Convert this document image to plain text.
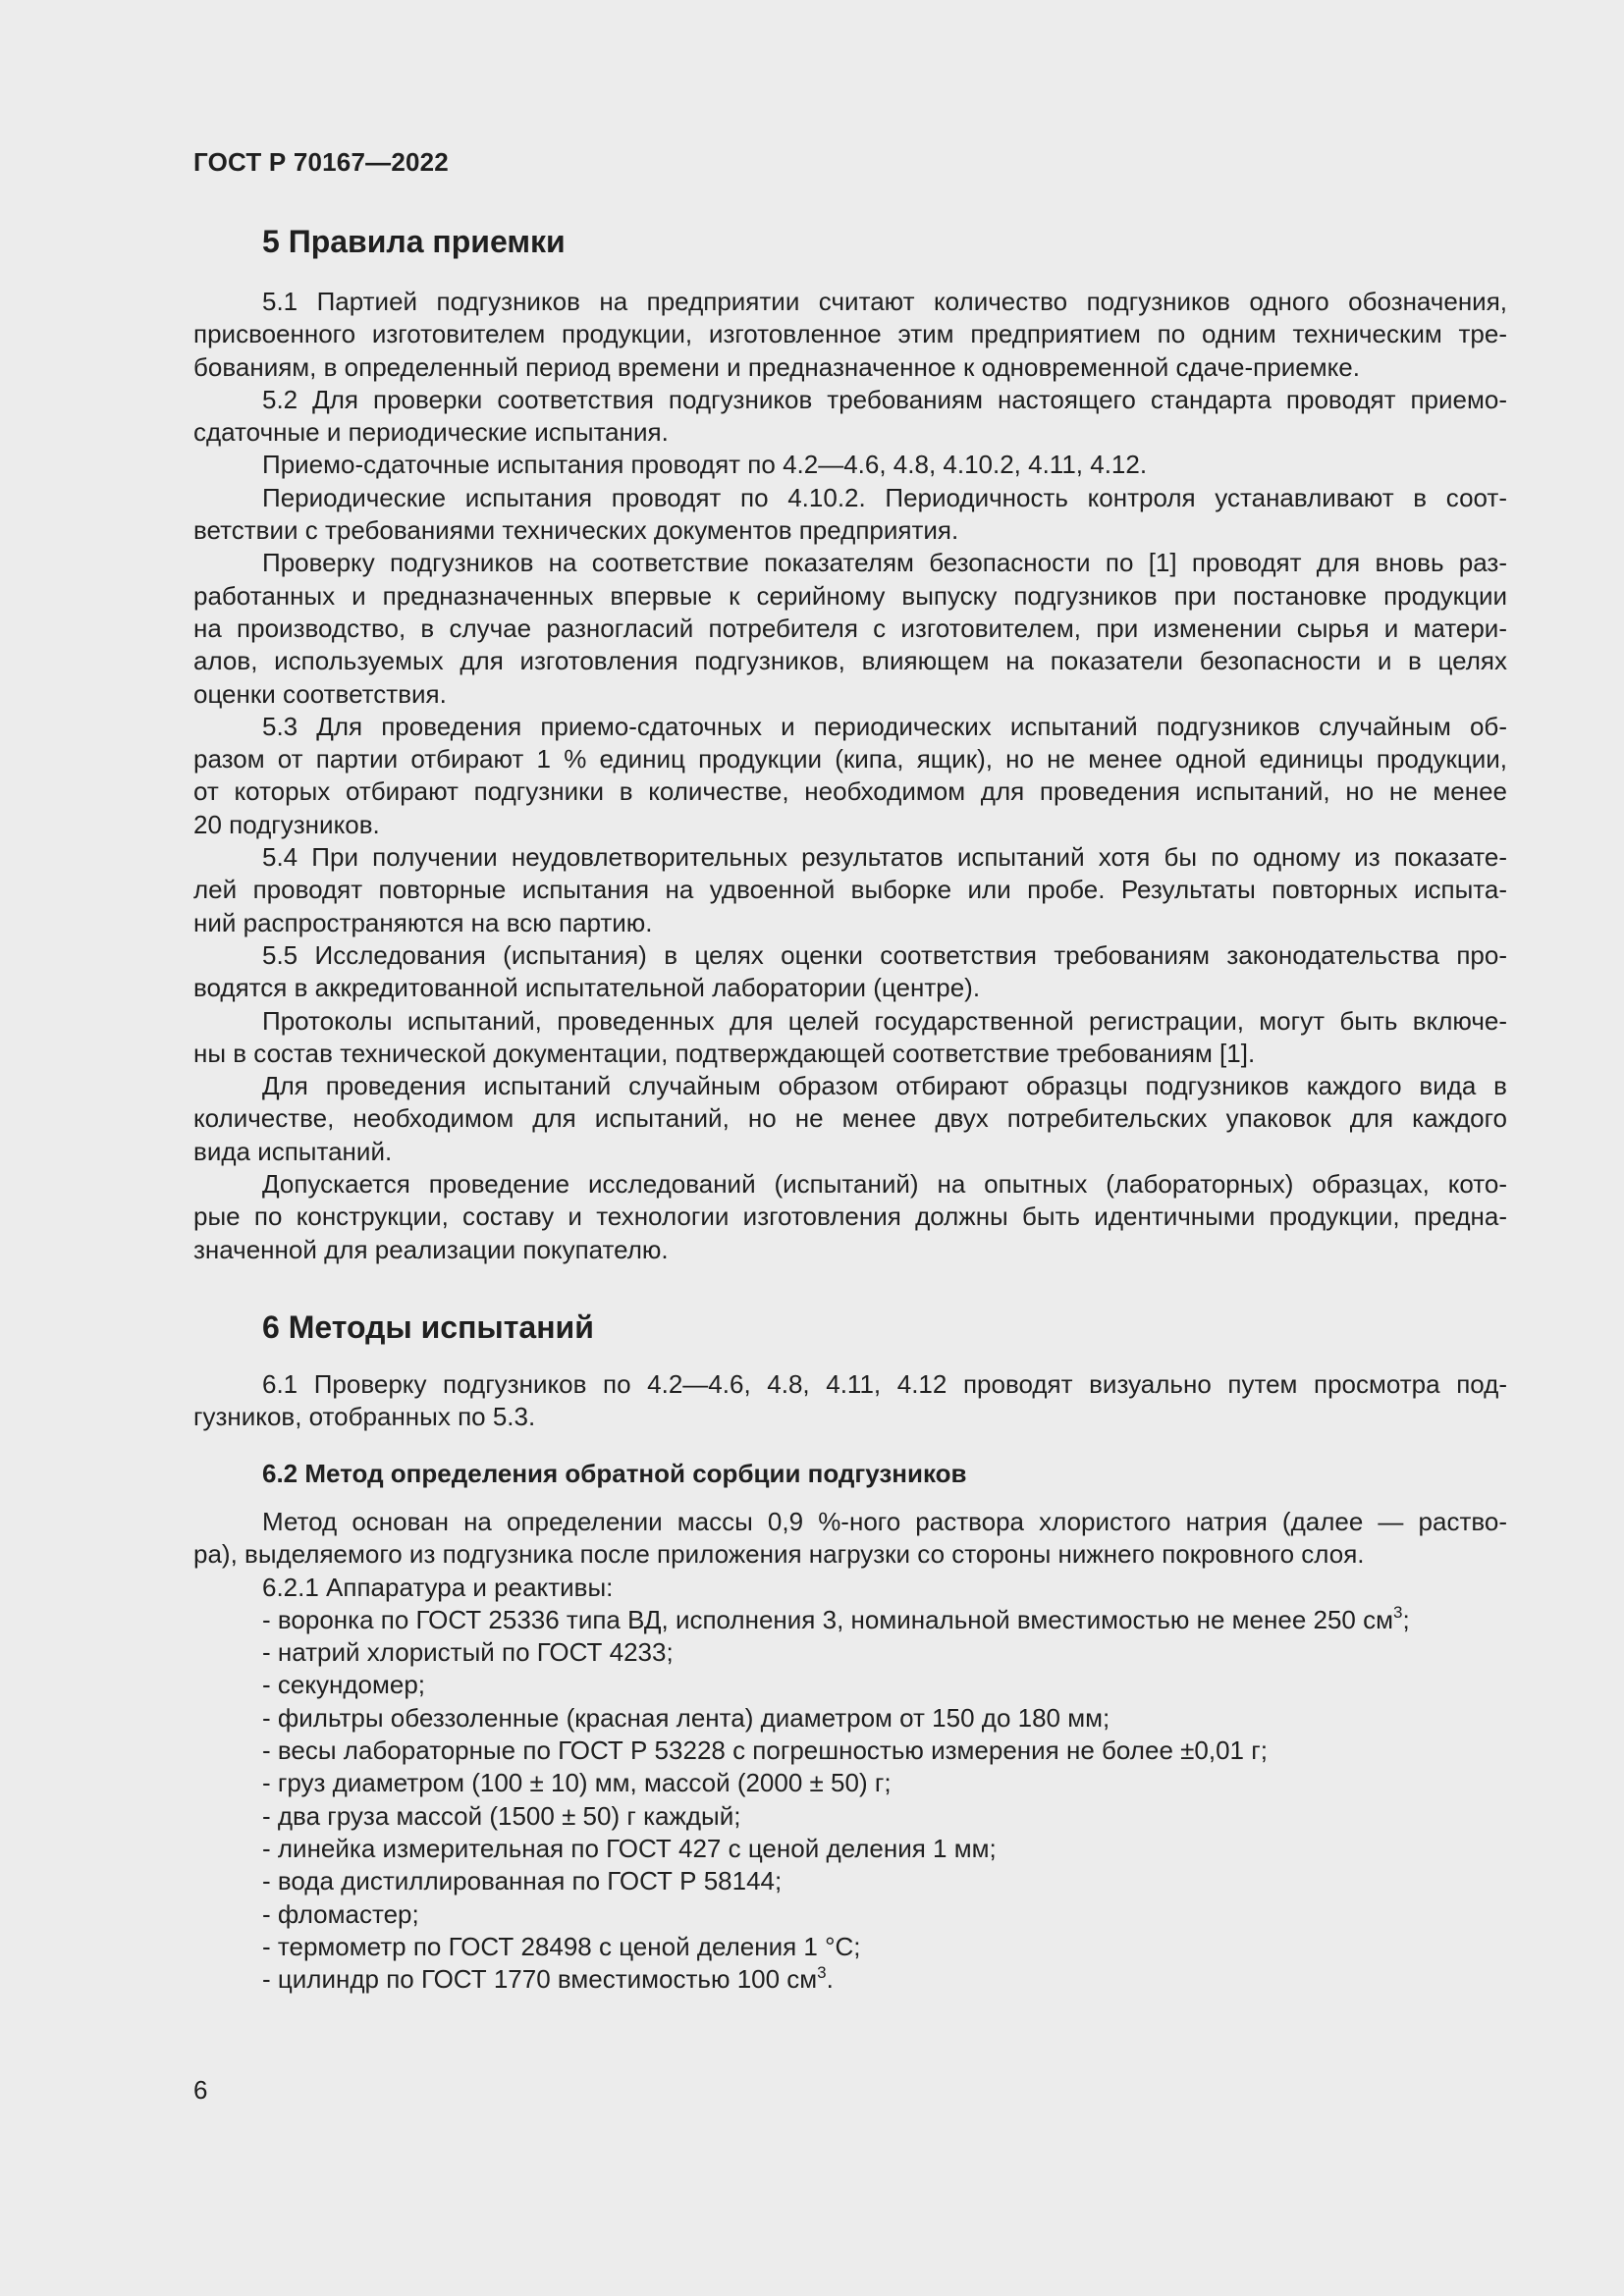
ГОСТ Р 70167—2022
5 Правила приемки

5.1 Партией подгузников на предприятии считают количество подгузников одного обозначения, присвоенного изготовителем продукции, изготовленное этим предприятием по одним техническим тре-

бованиям, в определенный период времени и предназначенное к одновременной сдаче-приемке.

5.2 Для проверки соответствия подгузников требованиям настоящего стандарта проводят приемо-

сдаточные и периодические испытания.

Приемо-сдаточные испытания проводят по 4.2—4.6, 4.8, 4.10.2, 4.11, 4.12.

Периодические испытания проводят по 4.10.2. Периодичность контроля устанавливают в соот-

ветствии с требованиями технических документов предприятия.

Проверку подгузников на соответствие показателям безопасности по [1] проводят для вновь раз-

работанных и предназначенных впервые к серийному выпуску подгузников при постановке продукции

на производство, в случае разногласий потребителя с изготовителем, при изменении сырья и матери-

алов, используемых для изготовления подгузников, влияющем на показатели безопасности и в целях

оценки соответствия.

5.3 Для проведения приемо-сдаточных и периодических испытаний подгузников случайным об-

разом от партии отбирают 1 % единиц продукции (кипа, ящик), но не менее одной единицы продукции,

от которых отбирают подгузники в количестве, необходимом для проведения испытаний, но не менее

20 подгузников.

5.4 При получении неудовлетворительных результатов испытаний хотя бы по одному из показате-

лей проводят повторные испытания на удвоенной выборке или пробе. Результаты повторных испыта-

ний распространяются на всю партию.

5.5 Исследования (испытания) в целях оценки соответствия требованиям законодательства про-

водятся в аккредитованной испытательной лаборатории (центре).

Протоколы испытаний, проведенных для целей государственной регистрации, могут быть включе-

ны в состав технической документации, подтверждающей соответствие требованиям [1].

Для проведения испытаний случайным образом отбирают образцы подгузников каждого вида в

количестве, необходимом для испытаний, но не менее двух потребительских упаковок для каждого

вида испытаний.

Допускается проведение исследований (испытаний) на опытных (лабораторных) образцах, кото-

рые по конструкции, составу и технологии изготовления должны быть идентичными продукции, предна-

значенной для реализации покупателю.

6 Методы испытаний

6.1 Проверку подгузников по 4.2—4.6, 4.8, 4.11, 4.12 проводят визуально путем просмотра под-

гузников, отобранных по 5.3.

6.2 Метод определения обратной сорбции подгузников

Метод основан на определении массы 0,9 %-ного раствора хлористого натрия (далее — раство-

ра), выделяемого из подгузника после приложения нагрузки со стороны нижнего покровного слоя.

6.2.1 Аппаратура и реактивы:

- воронка по ГОСТ 25336 типа ВД, исполнения 3, номинальной вместимостью не менее 250 $см^3$;

- натрий хлористый по ГОСТ 4233;

- секундомер;

- фильтры обеззоленные (красная лента) диаметром от 150 до 180 мм;

- весы лабораторные по ГОСТ Р 53228 с погрешностью измерения не более ±0,01 г;

- груз диаметром (100 ± 10) мм, массой (2000 ± 50) г;

- два груза массой (1500 ± 50) г каждый;

- линейка измерительная по ГОСТ 427 с ценой деления 1 мм;

- вода дистиллированная по ГОСТ Р 58144;

- фломастер;

- термометр по ГОСТ 28498 с ценой деления 1 °С;

- цилиндр по ГОСТ 1770 вместимостью 100 $см^3$.

6
